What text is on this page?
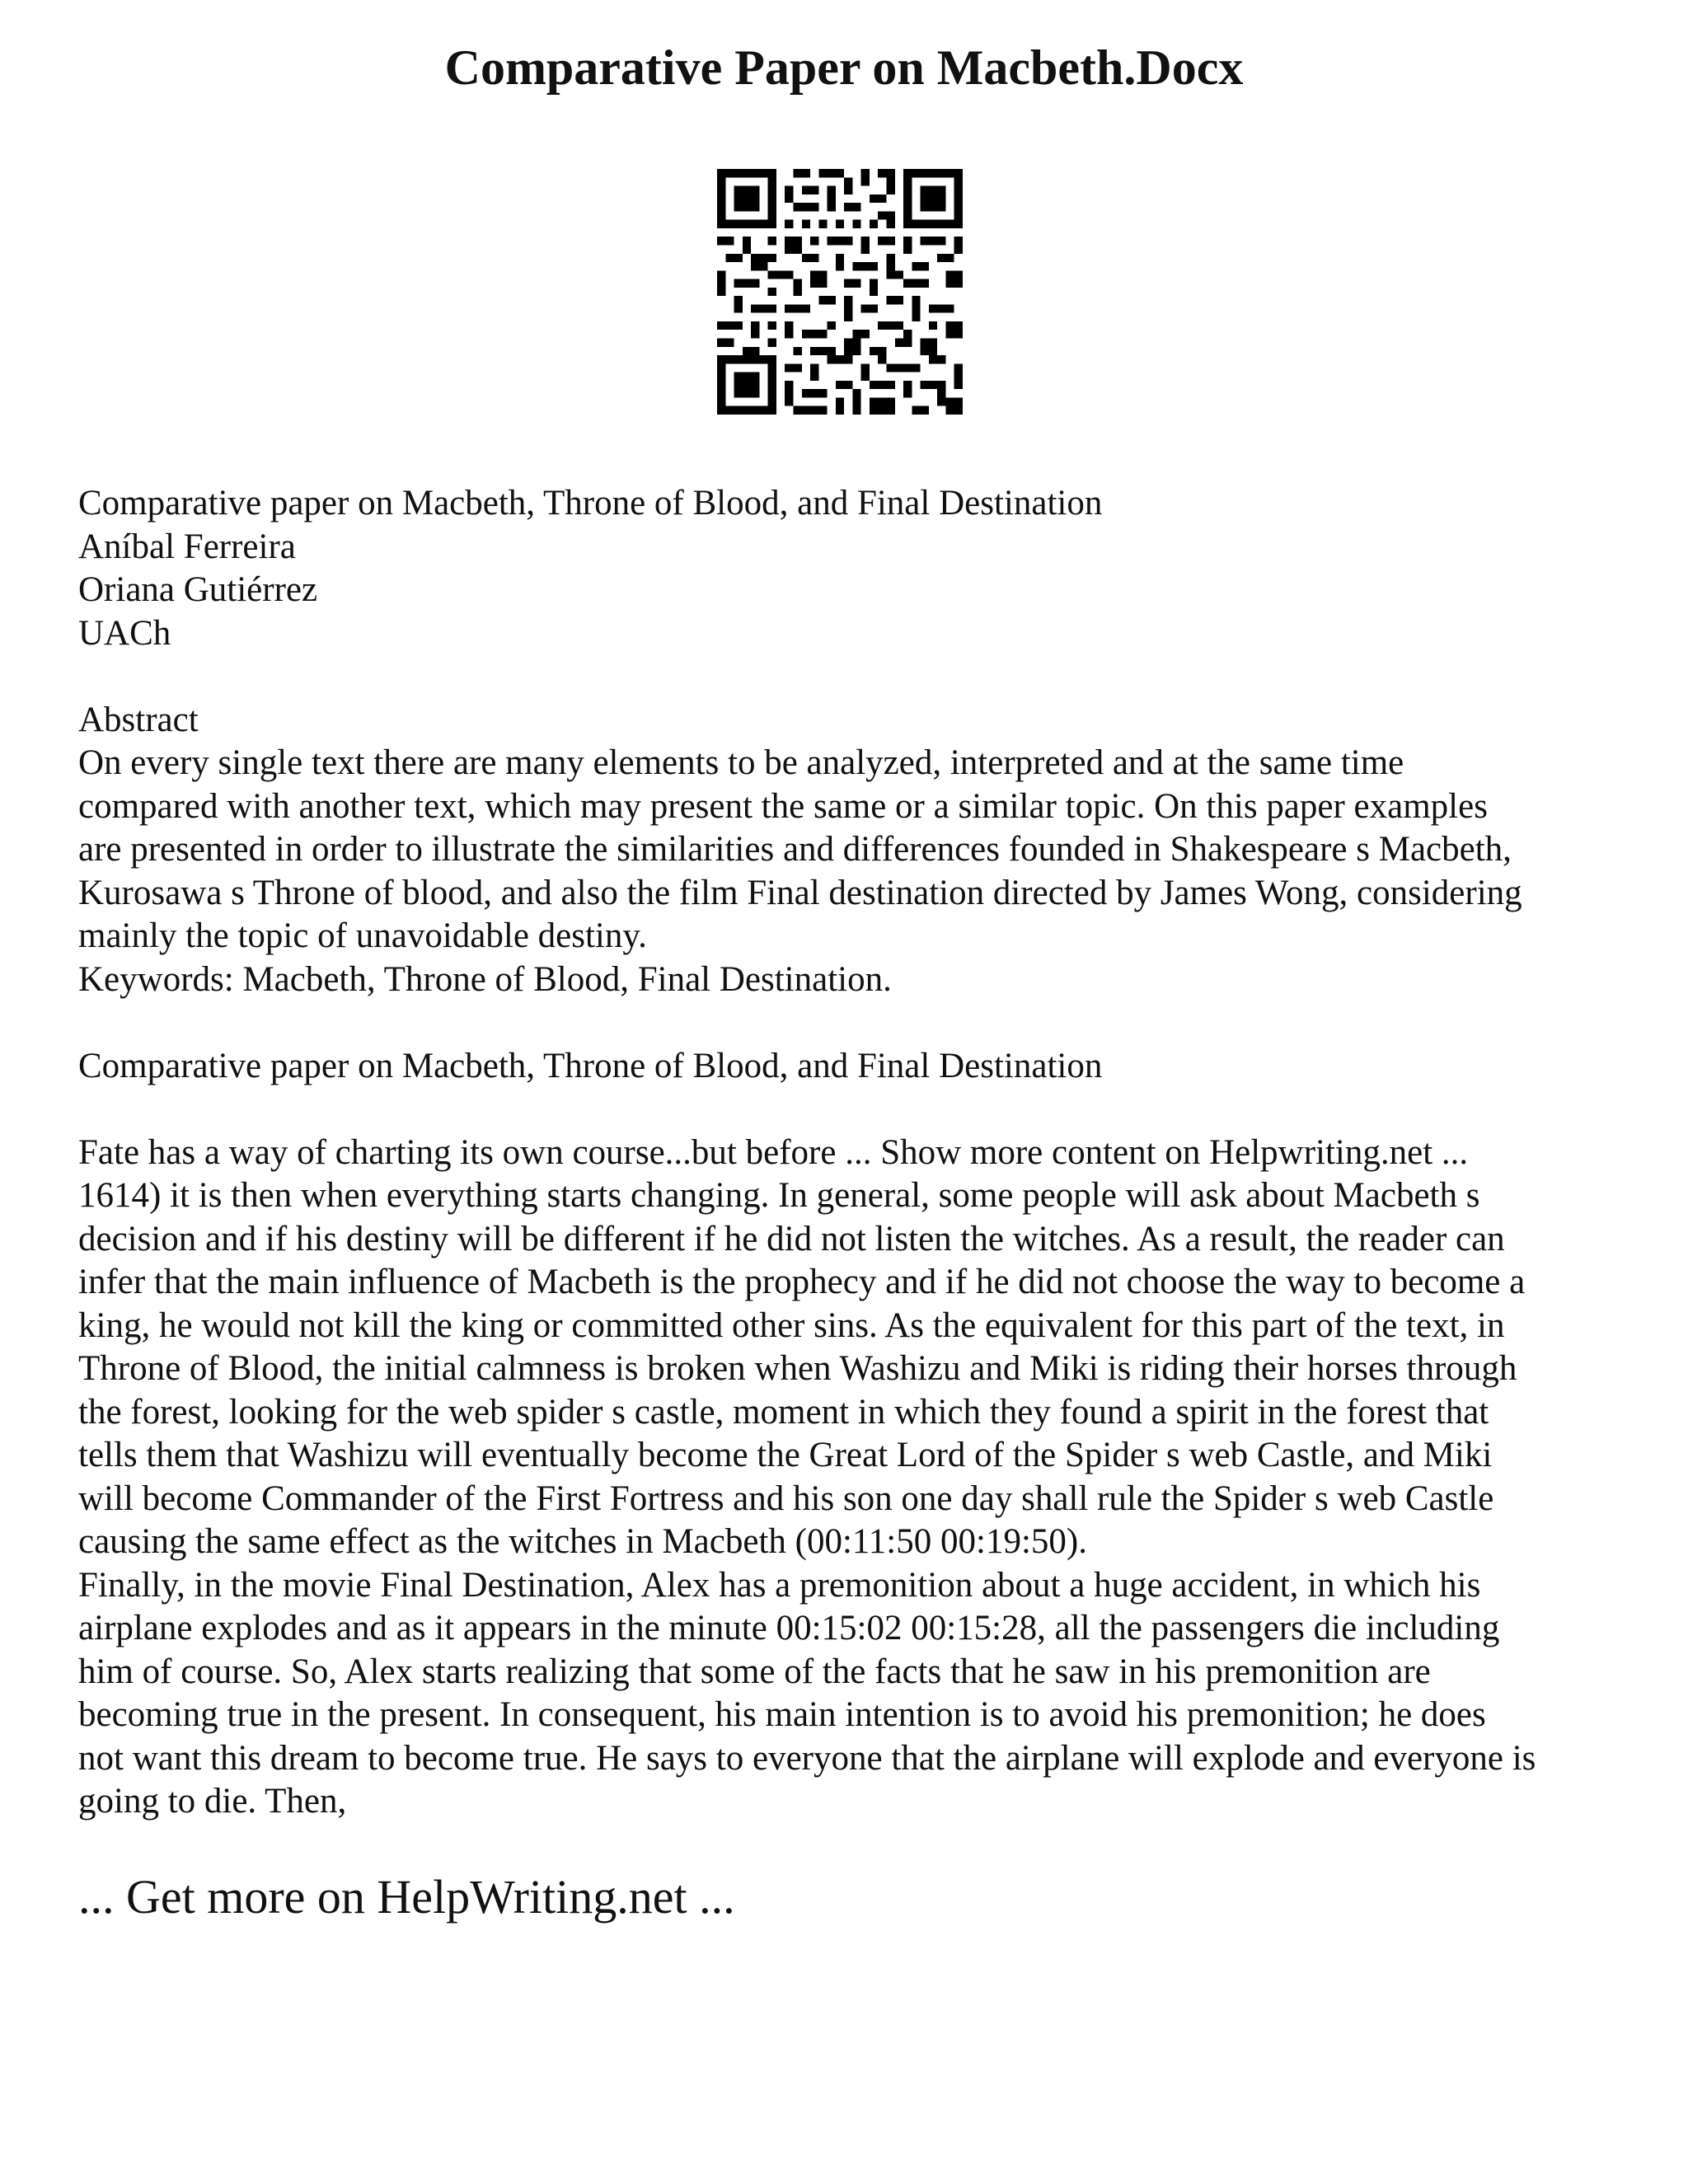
Comparative Paper on Macbeth.Docx
Comparative paper on Macbeth, Throne of Blood, and Final Destination
Aníbal Ferreira
Oriana Gutiérrez
UACh
Abstract
On every single text there are many elements to be analyzed, interpreted and at the same time
compared with another text, which may present the same or a similar topic. On this paper examples
are presented in order to illustrate the similarities and differences founded in Shakespeare s Macbeth,
Kurosawa s Throne of blood, and also the film Final destination directed by James Wong, considering
mainly the topic of unavoidable destiny.
Keywords: Macbeth, Throne of Blood, Final Destination.
Comparative paper on Macbeth, Throne of Blood, and Final Destination
Fate has a way of charting its own course...but before ... Show more content on Helpwriting.net ...
1614) it is then when everything starts changing. In general, some people will ask about Macbeth s
decision and if his destiny will be different if he did not listen the witches. As a result, the reader can
infer that the main influence of Macbeth is the prophecy and if he did not choose the way to become a
king, he would not kill the king or committed other sins. As the equivalent for this part of the text, in
Throne of Blood, the initial calmness is broken when Washizu and Miki is riding their horses through
the forest, looking for the web spider s castle, moment in which they found a spirit in the forest that
tells them that Washizu will eventually become the Great Lord of the Spider s web Castle, and Miki
will become Commander of the First Fortress and his son one day shall rule the Spider s web Castle
causing the same effect as the witches in Macbeth (00:11:50 00:19:50).
Finally, in the movie Final Destination, Alex has a premonition about a huge accident, in which his
airplane explodes and as it appears in the minute 00:15:02 00:15:28, all the passengers die including
him of course. So, Alex starts realizing that some of the facts that he saw in his premonition are
becoming true in the present. In consequent, his main intention is to avoid his premonition; he does
not want this dream to become true. He says to everyone that the airplane will explode and everyone is
going to die. Then,
... Get more on HelpWriting.net ...
